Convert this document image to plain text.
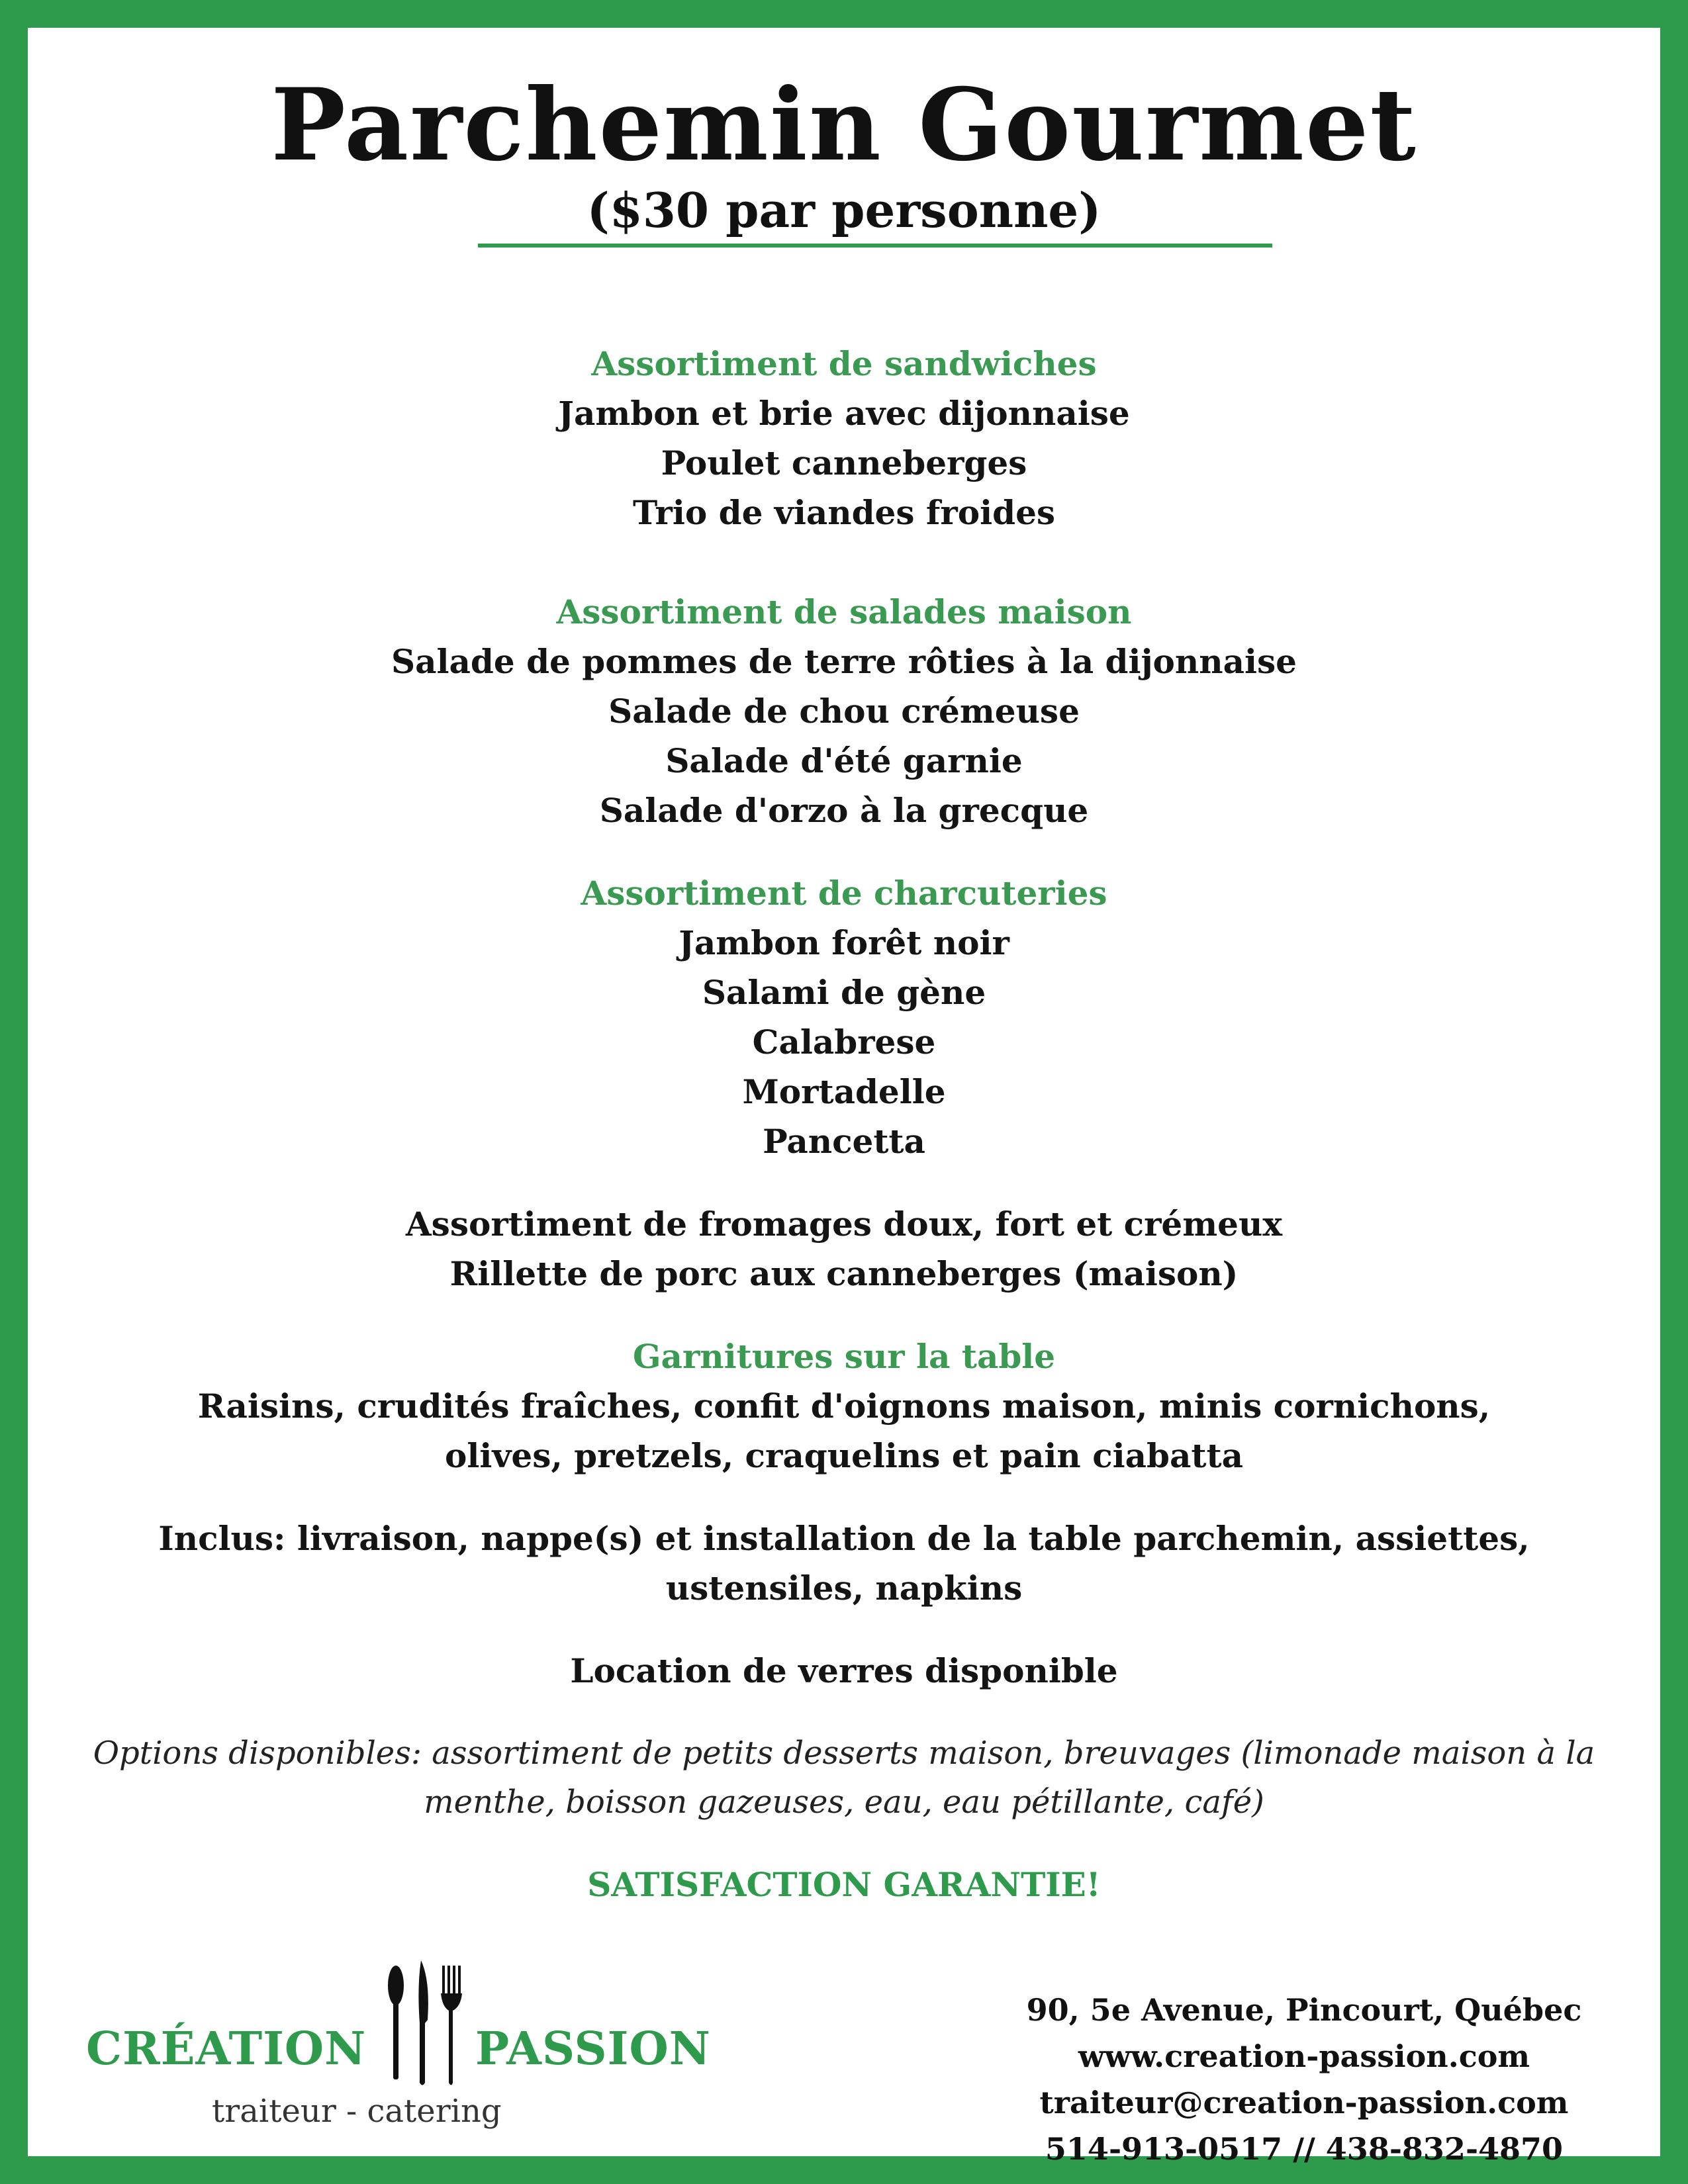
Parchemin Gourmet
($30 par personne)
Assortiment de sandwiches
Jambon et brie avec dijonnaise
Poulet canneberges
Trio de viandes froides
Assortiment de salades maison
Salade de pommes de terre rôties à la dijonnaise
Salade de chou crémeuse
Salade d'été garnie
Salade d'orzo à la grecque
Assortiment de charcuteries
Jambon forêt noir
Salami de gène
Calabrese
Mortadelle
Pancetta
Assortiment de fromages doux, fort et crémeux
Rillette de porc aux canneberges (maison)
Garnitures sur la table
Raisins, crudités fraîches, confit d'oignons maison, minis cornichons,
olives, pretzels, craquelins et pain ciabatta
Inclus: livraison, nappe(s) et installation de la table parchemin, assiettes,
ustensiles, napkins
Location de verres disponible
Options disponibles: assortiment de petits desserts maison, breuvages (limonade maison à la
menthe, boisson gazeuses, eau, eau pétillante, café)
SATISFACTION GARANTIE!
CRÉATION PASSION
traiteur - catering
90, 5e Avenue, Pincourt, Québec
www.creation-passion.com
traiteur@creation-passion.com
514-913-0517 // 438-832-4870
